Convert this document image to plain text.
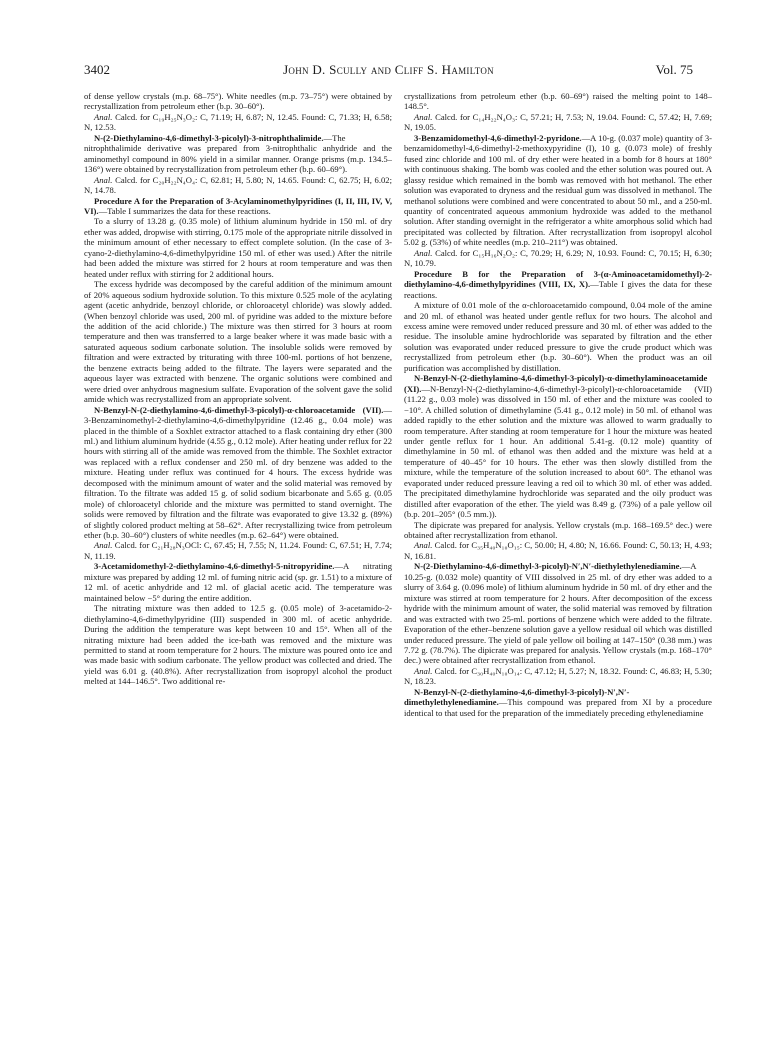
3402	John D. Scully and Cliff S. Hamilton	Vol. 75

of dense yellow crystals (m.p. 68–75°). White needles (m.p. 73–75°) were obtained by recrystallization from petroleum ether (b.p. 30–60°).

Anal. Calcd. for C₁₉H₂₅N₃O₂: C, 71.19; H, 6.87; N, 12.45. Found: C, 71.33; H, 6.58; N, 12.53.

N-(2-Diethylamino-4,6-dimethyl-3-picolyl)-3-nitrophthalimide.—The nitrophthalimide derivative was prepared from 3-nitrophthalic anhydride and the aminomethyl compound in 80% yield in a similar manner. Orange prisms (m.p. 134.5–136°) were obtained by recrystallization from petroleum ether (b.p. 60–69°).

Anal. Calcd. for C₂₀H₂₂N₄O₄: C, 62.81; H, 5.80; N, 14.65. Found: C, 62.75; H, 6.02; N, 14.78.

Procedure A for the Preparation of 3-Acylaminomethylpyridines (I, II, III, IV, V, VI).—Table I summarizes the data for these reactions.

To a slurry of 13.28 g. (0.35 mole) of lithium aluminum hydride in 150 ml. of dry ether was added, dropwise with stirring, 0.175 mole of the appropriate nitrile dissolved in the minimum amount of ether necessary to effect complete solution. (In the case of 3-cyano-2-diethylamino-4,6-dimethylpyridine 150 ml. of ether was used.) After the nitrile had been added the mixture was stirred for 2 hours at room temperature and was then heated under reflux with stirring for 2 additional hours.

The excess hydride was decomposed by the careful addition of the minimum amount of 20% aqueous sodium hydroxide solution. To this mixture 0.525 mole of the acylating agent (acetic anhydride, benzoyl chloride, or chloroacetyl chloride) was slowly added. (When benzoyl chloride was used, 200 ml. of pyridine was added to the mixture before the addition of the acid chloride.) The mixture was then stirred for 3 hours at room temperature and then was transferred to a large beaker where it was made basic with a saturated aqueous sodium carbonate solution. The insoluble solids were removed by filtration and were extracted by triturating with three 100-ml. portions of hot benzene, the benzene extracts being added to the filtrate. The layers were separated and the aqueous layer was extracted with benzene. The organic solutions were combined and were dried over anhydrous magnesium sulfate. Evaporation of the solvent gave the solid amide which was recrystallized from an appropriate solvent.

N-Benzyl-N-(2-diethylamino-4,6-dimethyl-3-picolyl)-α-chloroacetamide (VII).—3-Benzaminomethyl-2-diethylamino-4,6-dimethylpyridine (12.46 g., 0.04 mole) was placed in the thimble of a Soxhlet extractor attached to a flask containing dry ether (300 ml.) and lithium aluminum hydride (4.55 g., 0.12 mole). After heating under reflux for 22 hours with stirring all of the amide was removed from the thimble. The Soxhlet extractor was replaced with a reflux condenser and 250 ml. of dry benzene was added to the mixture. Heating under reflux was continued for 4 hours. The excess hydride was decomposed with the minimum amount of water and the solid material was removed by filtration. To the filtrate was added 15 g. of solid sodium bicarbonate and 5.65 g. (0.05 mole) of chloroacetyl chloride and the mixture was permitted to stand overnight. The solids were removed by filtration and the filtrate was evaporated to give 13.32 g. (89%) of slightly colored product melting at 58–62°. After recrystallizing twice from petroleum ether (b.p. 30–60°) clusters of white needles (m.p. 62–64°) were obtained.

Anal. Calcd. for C₂₁H₂₈N₃OCl: C, 67.45; H, 7.55; N, 11.24. Found: C, 67.51; H, 7.74; N, 11.19.

3-Acetamidomethyl-2-diethylamino-4,6-dimethyl-5-nitropyridine.—A nitrating mixture was prepared by adding 12 ml. of fuming nitric acid (sp. gr. 1.51) to a mixture of 12 ml. of acetic anhydride and 12 ml. of glacial acetic acid. The temperature was maintained below −5° during the entire addition.

The nitrating mixture was then added to 12.5 g. (0.05 mole) of 3-acetamido-2-diethylamino-4,6-dimethylpyridine (III) suspended in 300 ml. of acetic anhydride. During the addition the temperature was kept between 10 and 15°. When all of the nitrating mixture had been added the ice-bath was removed and the mixture was permitted to stand at room temperature for 2 hours. The mixture was poured onto ice and was made basic with sodium carbonate. The yellow product was collected and dried. The yield was 6.01 g. (40.8%). After recrystallization from isopropyl alcohol the product melted at 144–146.5°. Two additional re-

crystallizations from petroleum ether (b.p. 60–69°) raised the melting point to 148–148.5°.

Anal. Calcd. for C₁₄H₂₂N₄O₃: C, 57.21; H, 7.53; N, 19.04. Found: C, 57.42; H, 7.69; N, 19.05.

3-Benzamidomethyl-4,6-dimethyl-2-pyridone.—A 10-g. (0.037 mole) quantity of 3-benzamidomethyl-4,6-dimethyl-2-methoxypyridine (I), 10 g. (0.073 mole) of freshly fused zinc chloride and 100 ml. of dry ether were heated in a bomb for 8 hours at 180° with continuous shaking. The bomb was cooled and the ether solution was poured out. A glassy residue which remained in the bomb was removed with hot methanol. The ether solution was evaporated to dryness and the residual gum was dissolved in methanol. The methanol solutions were combined and were concentrated to about 50 ml., and a 250-ml. quantity of concentrated aqueous ammonium hydroxide was added to the methanol solution. After standing overnight in the refrigerator a white amorphous solid which had precipitated was collected by filtration. After recrystallization from isopropyl alcohol 5.02 g. (53%) of white needles (m.p. 210–211°) was obtained.

Anal. Calcd. for C₁₅H₁₆N₂O₂: C, 70.29; H, 6.29; N, 10.93. Found: C, 70.15; H, 6.30; N, 10.79.

Procedure B for the Preparation of 3-(α-Aminoacetamidomethyl)-2-diethylamino-4,6-dimethylpyridines (VIII, IX, X).—Table I gives the data for these reactions.

A mixture of 0.01 mole of the α-chloroacetamido compound, 0.04 mole of the amine and 20 ml. of ethanol was heated under gentle reflux for two hours. The alcohol and excess amine were removed under reduced pressure and 30 ml. of ether was added to the residue. The insoluble amine hydrochloride was separated by filtration and the ether solution was evaporated under reduced pressure to give the crude product which was recrystallized from petroleum ether (b.p. 30–60°). When the product was an oil purification was accomplished by distillation.

N-Benzyl-N-(2-diethylamino-4,6-dimethyl-3-picolyl)-α-dimethylaminoacetamide (XI).—N-Benzyl-N-(2-diethylamino-4,6-dimethyl-3-picolyl)-α-chloroacetamide (VII) (11.22 g., 0.03 mole) was dissolved in 150 ml. of ether and the mixture was cooled to −10°. A chilled solution of dimethylamine (5.41 g., 0.12 mole) in 50 ml. of ethanol was added rapidly to the ether solution and the mixture was allowed to warm gradually to room temperature. After standing at room temperature for 1 hour the mixture was heated under gentle reflux for 1 hour. An additional 5.41-g. (0.12 mole) quantity of dimethylamine in 50 ml. of ethanol was then added and the mixture was held at a temperature of 40–45° for 10 hours. The ether was then slowly distilled from the mixture, while the temperature of the solution increased to about 60°. The ethanol was evaporated under reduced pressure leaving a red oil to which 30 ml. of ether was added. The precipitated dimethylamine hydrochloride was separated and the oily product was distilled after evaporation of the ether. The yield was 8.49 g. (73%) of a pale yellow oil (b.p. 201–205° (0.5 mm.)).

The dipicrate was prepared for analysis. Yellow crystals (m.p. 168–169.5° dec.) were obtained after recrystallization from ethanol.

Anal. Calcd. for C₃₅H₄₀N₁₀O₁₅: C, 50.00; H, 4.80; N, 16.66. Found: C, 50.13; H, 4.93; N, 16.81.

N-(2-Diethylamino-4,6-dimethyl-3-picolyl)-N′,N′-diethylethylenediamine.—A 10.25-g. (0.032 mole) quantity of VIII dissolved in 25 ml. of dry ether was added to a slurry of 3.64 g. (0.096 mole) of lithium aluminum hydride in 50 ml. of dry ether and the mixture was stirred at room temperature for 2 hours. After decomposition of the excess hydride with the minimum amount of water, the solid material was removed by filtration and was extracted with two 25-ml. portions of benzene which were added to the filtrate. Evaporation of the ether–benzene solution gave a yellow residual oil which was distilled under reduced pressure. The yield of pale yellow oil boiling at 147–150° (0.38 mm.) was 7.72 g. (78.7%). The dipicrate was prepared for analysis. Yellow crystals (m.p. 168–170° dec.) were obtained after recrystallization from ethanol.

Anal. Calcd. for C₃₀H₄₀N₁₀O₁₄: C, 47.12; H, 5.27; N, 18.32. Found: C, 46.83; H, 5.30; N, 18.23.

N-Benzyl-N-(2-diethylamino-4,6-dimethyl-3-picolyl)-N′,N′-dimethylethylenediamine.—This compound was prepared from XI by a procedure identical to that used for the preparation of the immediately preceding ethylenediamine
